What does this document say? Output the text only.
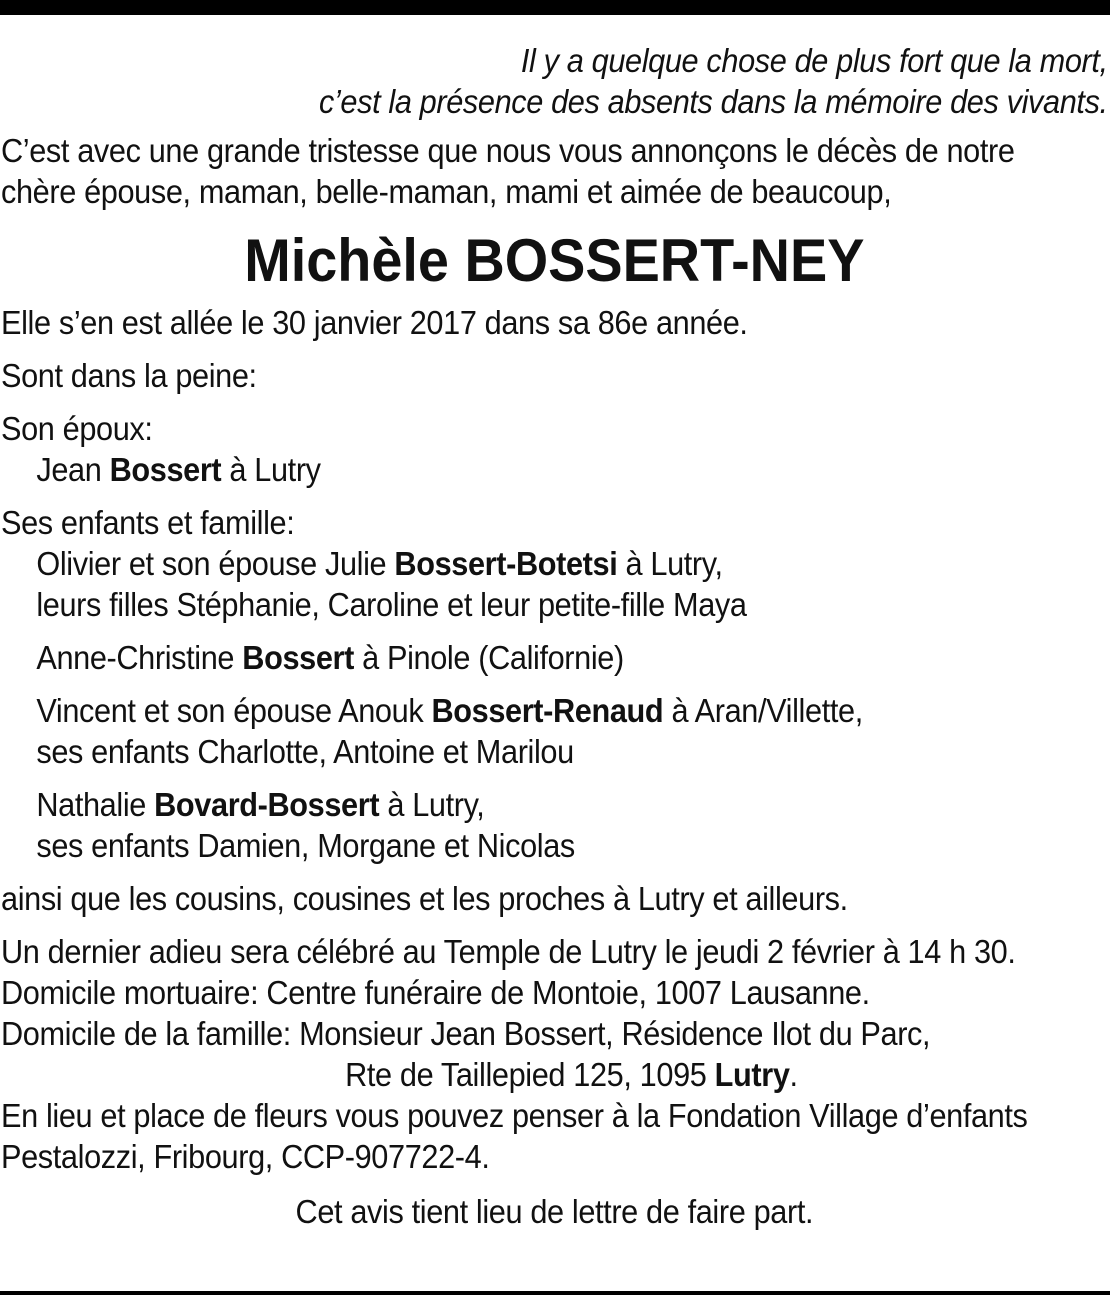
Il y a quelque chose de plus fort que la mort,
c’est la présence des absents dans la mémoire des vivants.
C’est avec une grande tristesse que nous vous annonçons le décès de notre
chère épouse, maman, belle-maman, mami et aimée de beaucoup,
Michèle BOSSERT-NEY
Elle s’en est allée le 30 janvier 2017 dans sa 86e année.
Sont dans la peine:
Son époux:
Jean Bossert à Lutry
Ses enfants et famille:
Olivier et son épouse Julie Bossert-Botetsi à Lutry,
leurs filles Stéphanie, Caroline et leur petite-fille Maya
Anne-Christine Bossert à Pinole (Californie)
Vincent et son épouse Anouk Bossert-Renaud à Aran/Villette,
ses enfants Charlotte, Antoine et Marilou
Nathalie Bovard-Bossert à Lutry,
ses enfants Damien, Morgane et Nicolas
ainsi que les cousins, cousines et les proches à Lutry et ailleurs.
Un dernier adieu sera célébré au Temple de Lutry le jeudi 2 février à 14 h 30.
Domicile mortuaire: Centre funéraire de Montoie, 1007 Lausanne.
Domicile de la famille: Monsieur Jean Bossert, Résidence Ilot du Parc,
Rte de Taillepied 125, 1095 Lutry.
En lieu et place de fleurs vous pouvez penser à la Fondation Village d’enfants
Pestalozzi, Fribourg, CCP-907722-4.
Cet avis tient lieu de lettre de faire part.
